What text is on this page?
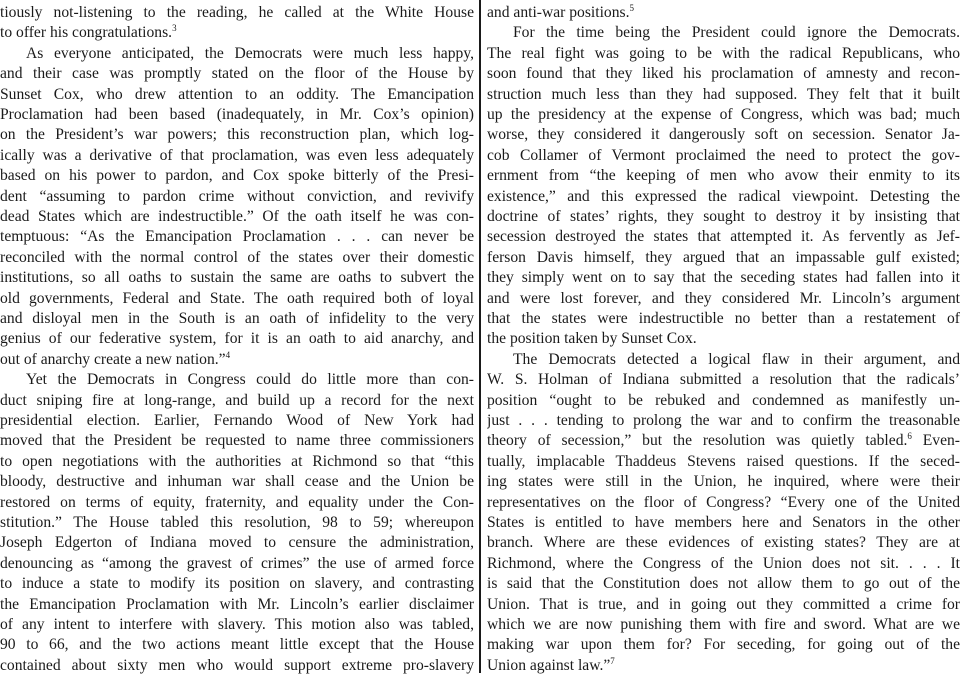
tiously not-listening to the reading, he called at the White House
to offer his congratulations.$^3$
As everyone anticipated, the Democrats were much less happy,
and their case was promptly stated on the floor of the House by
Sunset Cox, who drew attention to an oddity. The Emancipation
Proclamation had been based (inadequately, in Mr. Cox’s opinion)
on the President’s war powers; this reconstruction plan, which log-
ically was a derivative of that proclamation, was even less adequately
based on his power to pardon, and Cox spoke bitterly of the Presi-
dent “assuming to pardon crime without conviction, and revivify
dead States which are indestructible.” Of the oath itself he was con-
temptuous: “As the Emancipation Proclamation . . . can never be
reconciled with the normal control of the states over their domestic
institutions, so all oaths to sustain the same are oaths to subvert the
old governments, Federal and State. The oath required both of loyal
and disloyal men in the South is an oath of infidelity to the very
genius of our federative system, for it is an oath to aid anarchy, and
out of anarchy create a new nation.”$^4$
Yet the Democrats in Congress could do little more than con-
duct sniping fire at long-range, and build up a record for the next
presidential election. Earlier, Fernando Wood of New York had
moved that the President be requested to name three commissioners
to open negotiations with the authorities at Richmond so that “this
bloody, destructive and inhuman war shall cease and the Union be
restored on terms of equity, fraternity, and equality under the Con-
stitution.” The House tabled this resolution, 98 to 59; whereupon
Joseph Edgerton of Indiana moved to censure the administration,
denouncing as “among the gravest of crimes” the use of armed force
to induce a state to modify its position on slavery, and contrasting
the Emancipation Proclamation with Mr. Lincoln’s earlier disclaimer
of any intent to interfere with slavery. This motion also was tabled,
90 to 66, and the two actions meant little except that the House
contained about sixty men who would support extreme pro-slavery
and anti-war positions.$^5$
For the time being the President could ignore the Democrats.
The real fight was going to be with the radical Republicans, who
soon found that they liked his proclamation of amnesty and recon-
struction much less than they had supposed. They felt that it built
up the presidency at the expense of Congress, which was bad; much
worse, they considered it dangerously soft on secession. Senator Ja-
cob Collamer of Vermont proclaimed the need to protect the gov-
ernment from “the keeping of men who avow their enmity to its
existence,” and this expressed the radical viewpoint. Detesting the
doctrine of states’ rights, they sought to destroy it by insisting that
secession destroyed the states that attempted it. As fervently as Jef-
ferson Davis himself, they argued that an impassable gulf existed;
they simply went on to say that the seceding states had fallen into it
and were lost forever, and they considered Mr. Lincoln’s argument
that the states were indestructible no better than a restatement of
the position taken by Sunset Cox.
The Democrats detected a logical flaw in their argument, and
W. S. Holman of Indiana submitted a resolution that the radicals’
position “ought to be rebuked and condemned as manifestly un-
just . . . tending to prolong the war and to confirm the treasonable
theory of secession,” but the resolution was quietly tabled.$^6$ Even-
tually, implacable Thaddeus Stevens raised questions. If the seced-
ing states were still in the Union, he inquired, where were their
representatives on the floor of Congress? “Every one of the United
States is entitled to have members here and Senators in the other
branch. Where are these evidences of existing states? They are at
Richmond, where the Congress of the Union does not sit. . . . It
is said that the Constitution does not allow them to go out of the
Union. That is true, and in going out they committed a crime for
which we are now punishing them with fire and sword. What are we
making war upon them for? For seceding, for going out of the
Union against law.”$^7$
